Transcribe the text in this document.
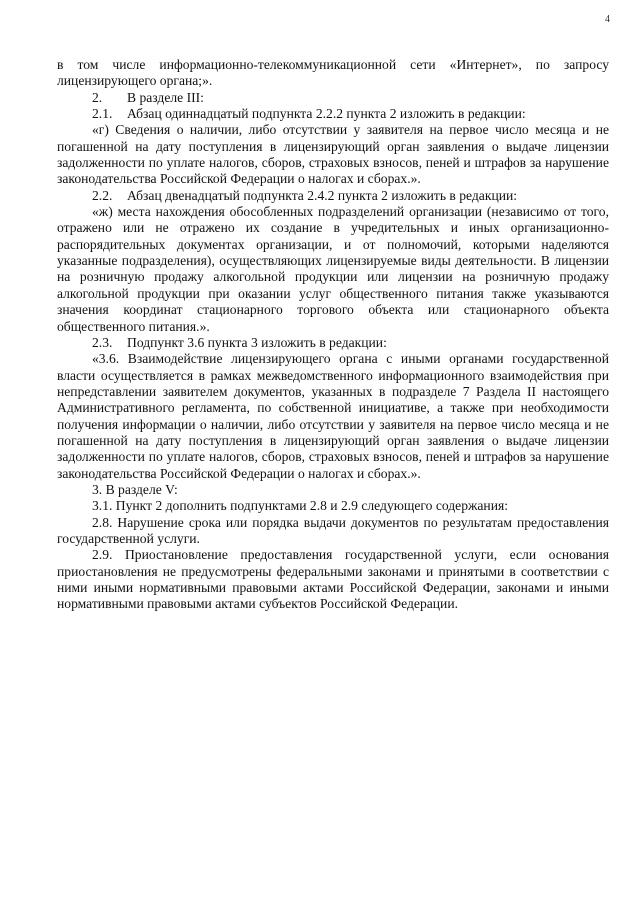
4

в том числе информационно-телекоммуникационной сети «Интернет», по запросу лицензирующего органа;».

2. В разделе III:

2.1. Абзац одиннадцатый подпункта 2.2.2 пункта 2 изложить в редакции:

«г) Сведения о наличии, либо отсутствии у заявителя на первое число месяца и не погашенной на дату поступления в лицензирующий орган заявления о выдаче лицензии задолженности по уплате налогов, сборов, страховых взносов, пеней и штрафов за нарушение законодательства Российской Федерации о налогах и сборах.».

2.2. Абзац двенадцатый подпункта 2.4.2 пункта 2 изложить в редакции:

«ж) места нахождения обособленных подразделений организации (независимо от того, отражено или не отражено их создание в учредительных и иных организационно-распорядительных документах организации, и от полномочий, которыми наделяются указанные подразделения), осуществляющих лицензируемые виды деятельности. В лицензии на розничную продажу алкогольной продукции или лицензии на розничную продажу алкогольной продукции при оказании услуг общественного питания также указываются значения координат стационарного торгового объекта или стационарного объекта общественного питания.».

2.3. Подпункт 3.6 пункта 3 изложить в редакции:

«3.6. Взаимодействие лицензирующего органа с иными органами государственной власти осуществляется в рамках межведомственного информационного взаимодействия при непредставлении заявителем документов, указанных в подразделе 7 Раздела II настоящего Административного регламента, по собственной инициативе, а также при необходимости получения информации о наличии, либо отсутствии у заявителя на первое число месяца и не погашенной на дату поступления в лицензирующий орган заявления о выдаче лицензии задолженности по уплате налогов, сборов, страховых взносов, пеней и штрафов за нарушение законодательства Российской Федерации о налогах и сборах.».

3. В разделе V:

3.1. Пункт 2 дополнить подпунктами 2.8 и 2.9 следующего содержания:

2.8. Нарушение срока или порядка выдачи документов по результатам предоставления государственной услуги.

2.9. Приостановление предоставления государственной услуги, если основания приостановления не предусмотрены федеральными законами и принятыми в соответствии с ними иными нормативными правовыми актами Российской Федерации, законами и иными нормативными правовыми актами субъектов Российской Федерации.
